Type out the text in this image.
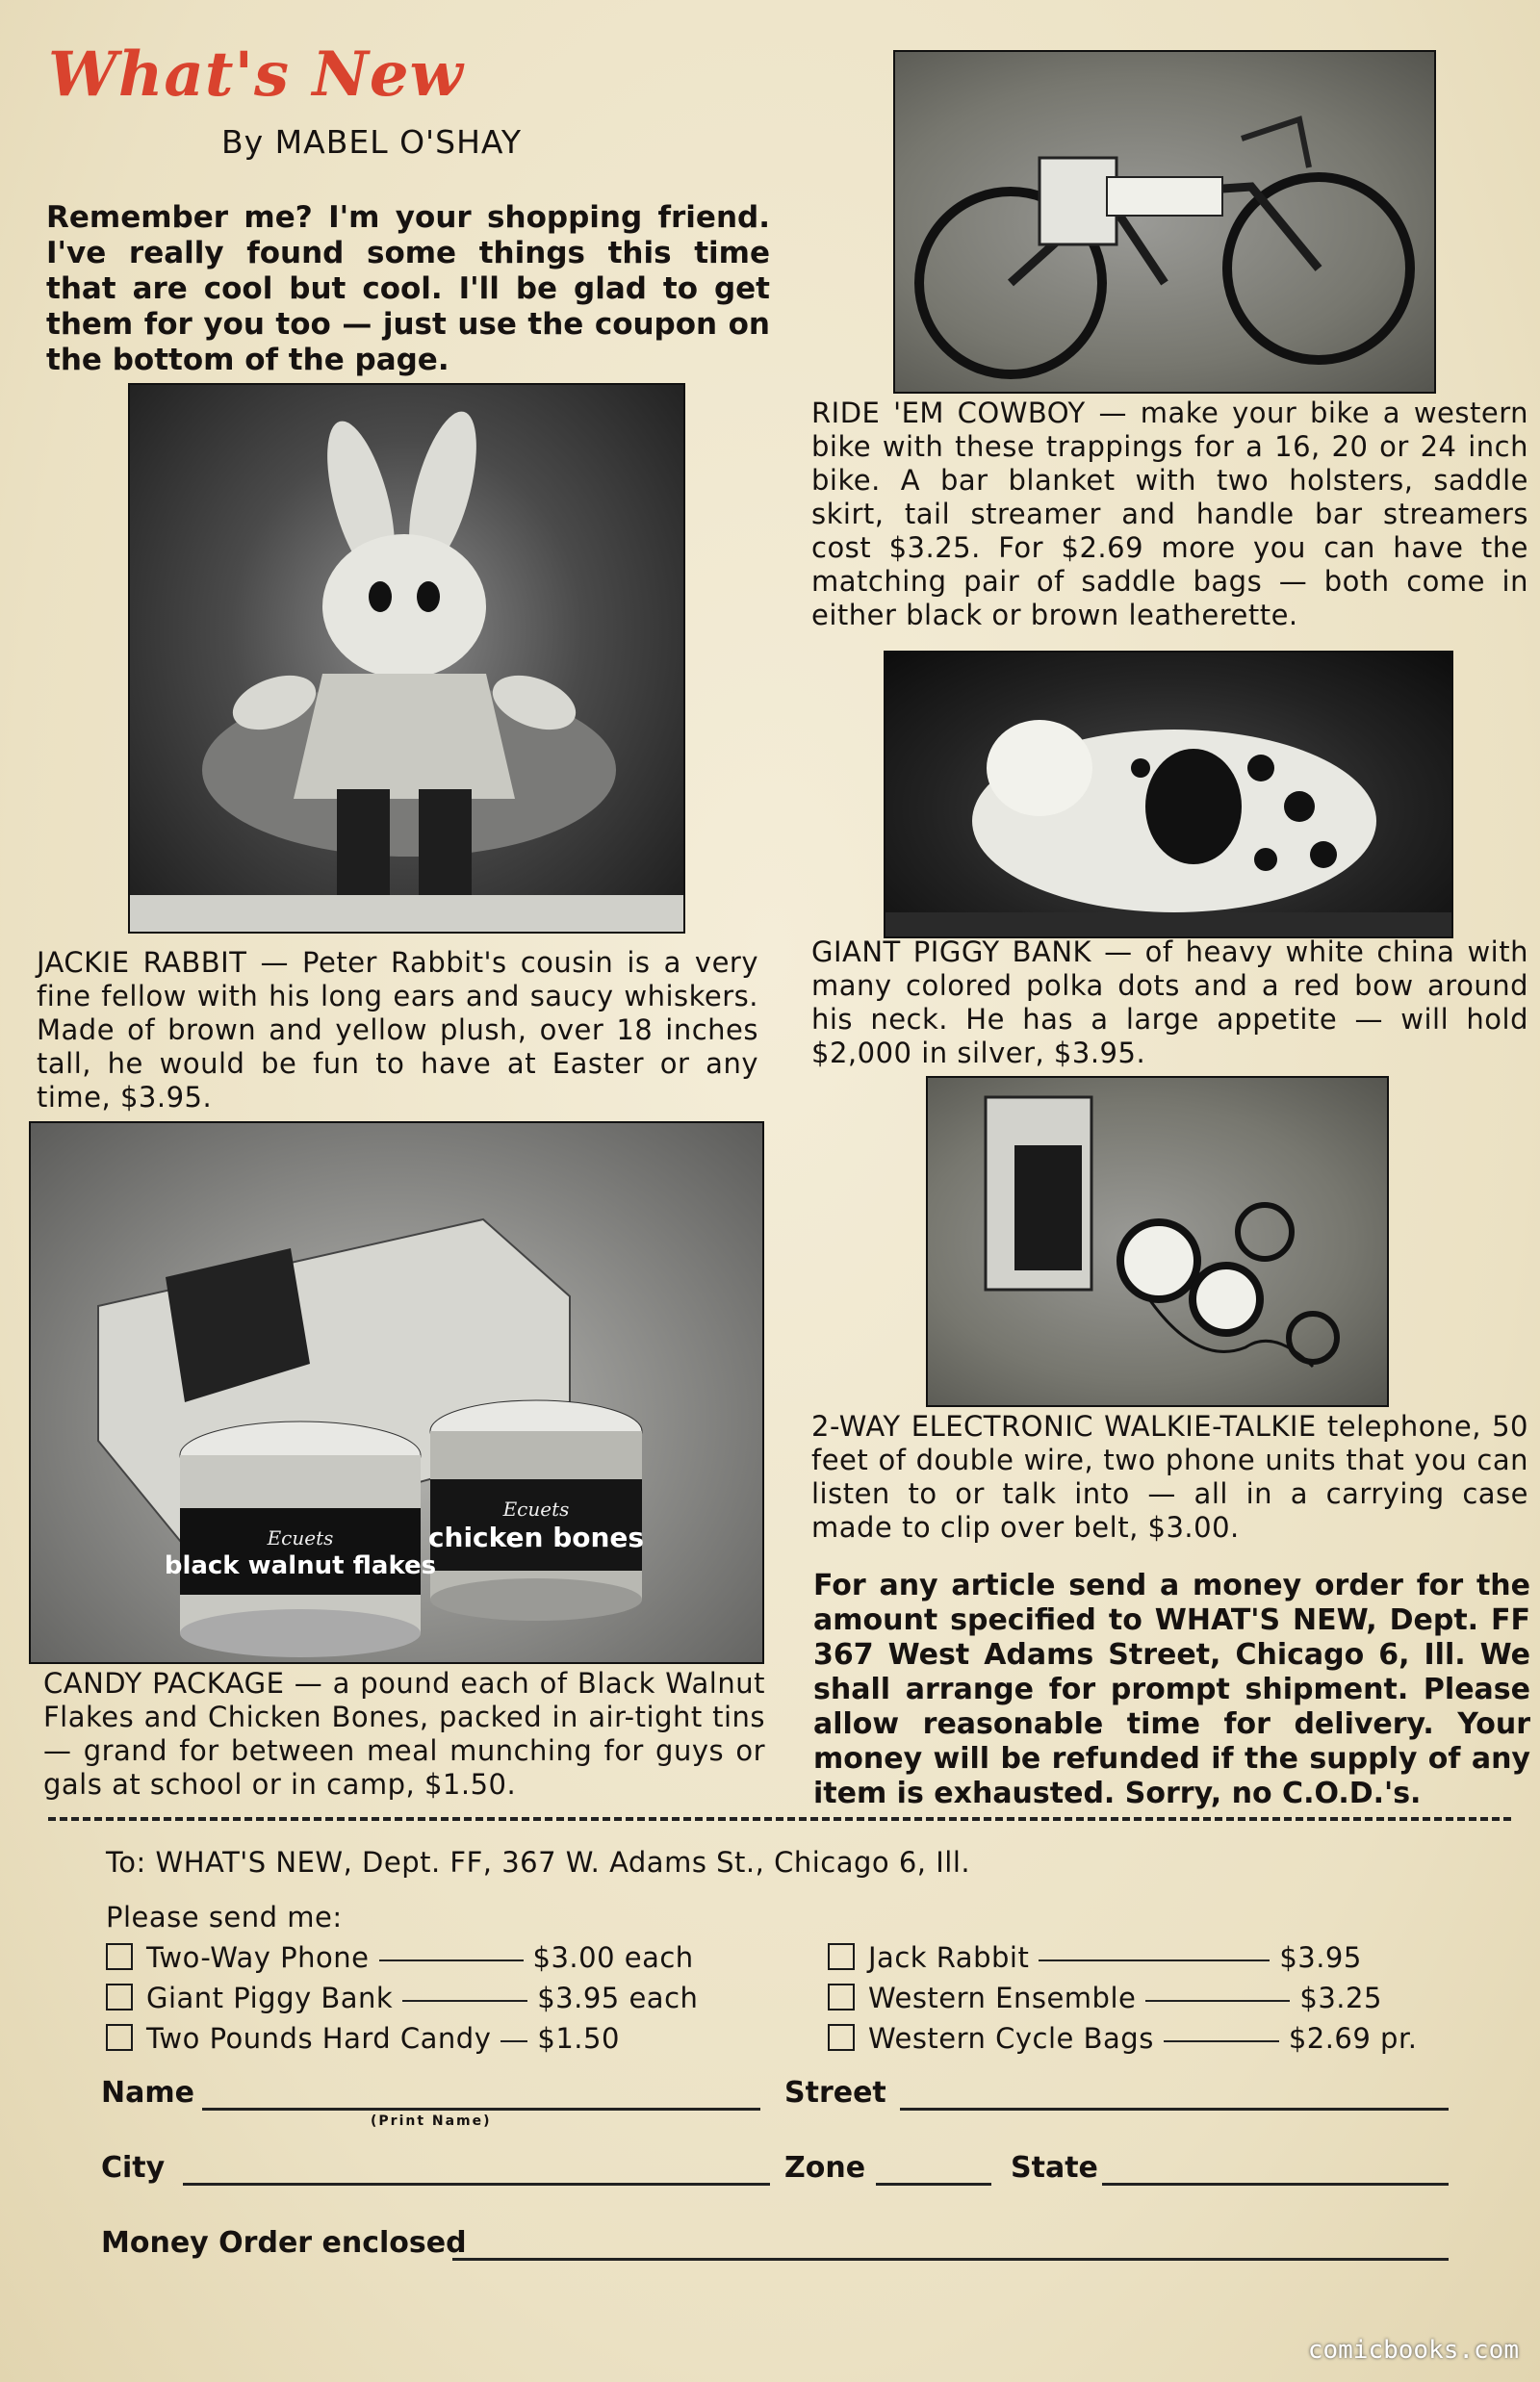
What's New
By MABEL O'SHAY

Remember me? I'm your shopping friend. I've really found some things this time that are cool but cool. I'll be glad to get them for you too — just use the coupon on the bottom of the page.

JACKIE RABBIT — Peter Rabbit's cousin is a very fine fellow with his long ears and saucy whiskers. Made of brown and yellow plush, over 18 inches tall, he would be fun to have at Easter or any time, $3.95.

Ecuets
black walnut flakes
Ecuets
chicken bones

CANDY PACKAGE — a pound each of Black Walnut Flakes and Chicken Bones, packed in air-tight tins — grand for between meal munching for guys or gals at school or in camp, $1.50.

RIDE 'EM COWBOY — make your bike a western bike with these trappings for a 16, 20 or 24 inch bike. A bar blanket with two holsters, saddle skirt, tail streamer and handle bar streamers cost $3.25. For $2.69 more you can have the matching pair of saddle bags — both come in either black or brown leatherette.

GIANT PIGGY BANK — of heavy white china with many colored polka dots and a red bow around his neck. He has a large appetite — will hold $2,000 in silver, $3.95.

2-WAY ELECTRONIC WALKIE-TALKIE telephone, 50 feet of double wire, two phone units that you can listen to or talk into — all in a carrying case made to clip over belt, $3.00.

For any article send a money order for the amount specified to WHAT'S NEW, Dept. FF 367 West Adams Street, Chicago 6, Ill. We shall arrange for prompt shipment. Please allow reasonable time for delivery. Your money will be refunded if the supply of any item is exhausted. Sorry, no C.O.D.'s.

To: WHAT'S NEW, Dept. FF, 367 W. Adams St., Chicago 6, Ill.
Please send me:
Two-Way Phone	$3.00 each
Giant Piggy Bank	$3.95 each
Two Pounds Hard Candy $1.50
Jack Rabbit	$3.95
Western Ensemble	$3.25
Western Cycle Bags	$2.69 pr.
Name
(Print Name)
Street
City	Zone	State
Money Order enclosed
comicbooks.com
